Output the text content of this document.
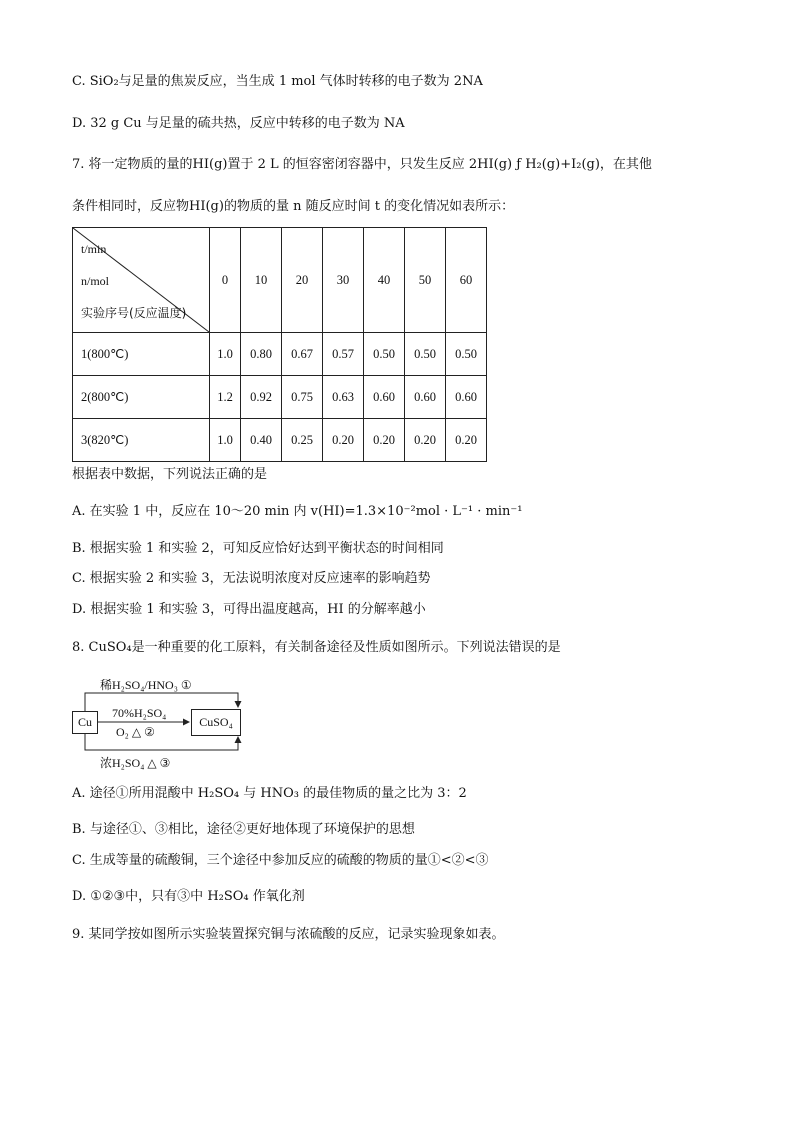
C. SiO₂与足量的焦炭反应，当生成 1 mol 气体时转移的电子数为 2NA
D. 32 g Cu 与足量的硫共热，反应中转移的电子数为 NA
7. 将一定物质的量的HI(g)置于 2 L 的恒容密闭容器中，只发生反应 2HI(g) ƒ H₂(g)+I₂(g)，在其他
条件相同时，反应物HI(g)的物质的量 n 随反应时间 t 的变化情况如表所示：
t/min
n/mol
实验序号(反应温度)	0	10	20	30	40	50	60
1(800℃)	1.0	0.80	0.67	0.57	0.50	0.50	0.50
2(800℃)	1.2	0.92	0.75	0.63	0.60	0.60	0.60
3(820℃)	1.0	0.40	0.25	0.20	0.20	0.20	0.20
根据表中数据，下列说法正确的是
A. 在实验 1 中，反应在 10～20 min 内 v(HI)=1.3×10⁻²mol · L⁻¹ · min⁻¹
B. 根据实验 1 和实验 2，可知反应恰好达到平衡状态的时间相同
C. 根据实验 2 和实验 3，无法说明浓度对反应速率的影响趋势
D. 根据实验 1 和实验 3，可得出温度越高，HI 的分解率越小
8. CuSO₄是一种重要的化工原料，有关制备途径及性质如图所示。下列说法错误的是
Cu	CuSO₄
稀H₂SO₄/HNO₃ ①
70%H₂SO₄
O₂ △ ②
浓H₂SO₄ △ ③
A. 途径①所用混酸中 H₂SO₄ 与 HNO₃ 的最佳物质的量之比为 3：2
B. 与途径①、③相比，途径②更好地体现了环境保护的思想
C. 生成等量的硫酸铜，三个途径中参加反应的硫酸的物质的量①<②<③
D. ①②③中，只有③中 H₂SO₄ 作氧化剂
9. 某同学按如图所示实验装置探究铜与浓硫酸的反应，记录实验现象如表。
